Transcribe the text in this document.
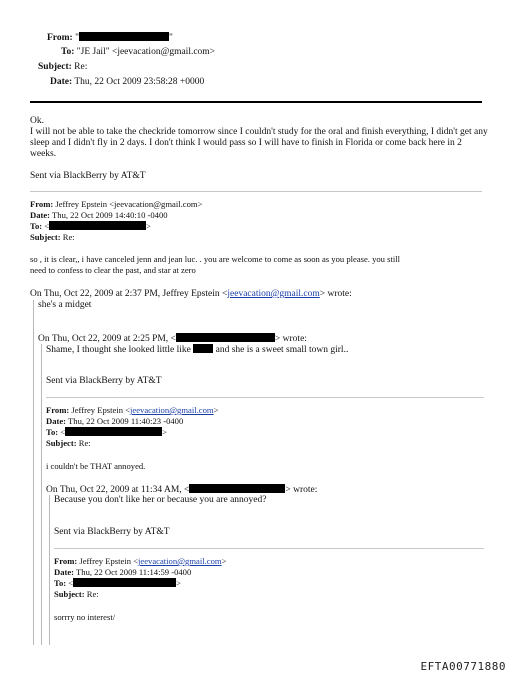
From: "	"
To: "JE Jail" <jeevacation@gmail.com>
Subject: Re:
Date: Thu, 22 Oct 2009 23:58:28 +0000
Ok.

I will not be able to take the checkride tomorrow since I couldn't study for the oral and finish everything, I didn't get any sleep and I didn't fly in 2 days. I don't think I would pass so I will have to finish in Florida or come back here in 2 weeks.

Sent via BlackBerry by AT&T
From: Jeffrey Epstein <jeevacation@gmail.com>
Date: Thu, 22 Oct 2009 14:40:10 -0400
To: <	>
Subject: Re:
so , it is clear,, i have canceled jenn and jean luc. . you are welcome to come as soon as you please. you still
need to confess to clear the past, and star at zero
On Thu, Oct 22, 2009 at 2:37 PM, Jeffrey Epstein <jeevacation@gmail.com> wrote:
she's a midget
On Thu, Oct 22, 2009 at 2:25 PM, <	> wrote:
Shame, I thought she looked little like	and she is a sweet small town girl..
Sent via BlackBerry by AT&T
From: Jeffrey Epstein <jeevacation@gmail.com>
Date: Thu, 22 Oct 2009 11:40:23 -0400
To: <	>
Subject: Re:
i couldn't be THAT annoyed.
On Thu, Oct 22, 2009 at 11:34 AM, <	> wrote:
Because you don't like her or because you are annoyed?
Sent via BlackBerry by AT&T
From: Jeffrey Epstein <jeevacation@gmail.com>
Date: Thu, 22 Oct 2009 11:14:59 -0400
To: <	>
Subject: Re:
sorrry no interest/
EFTA00771880
